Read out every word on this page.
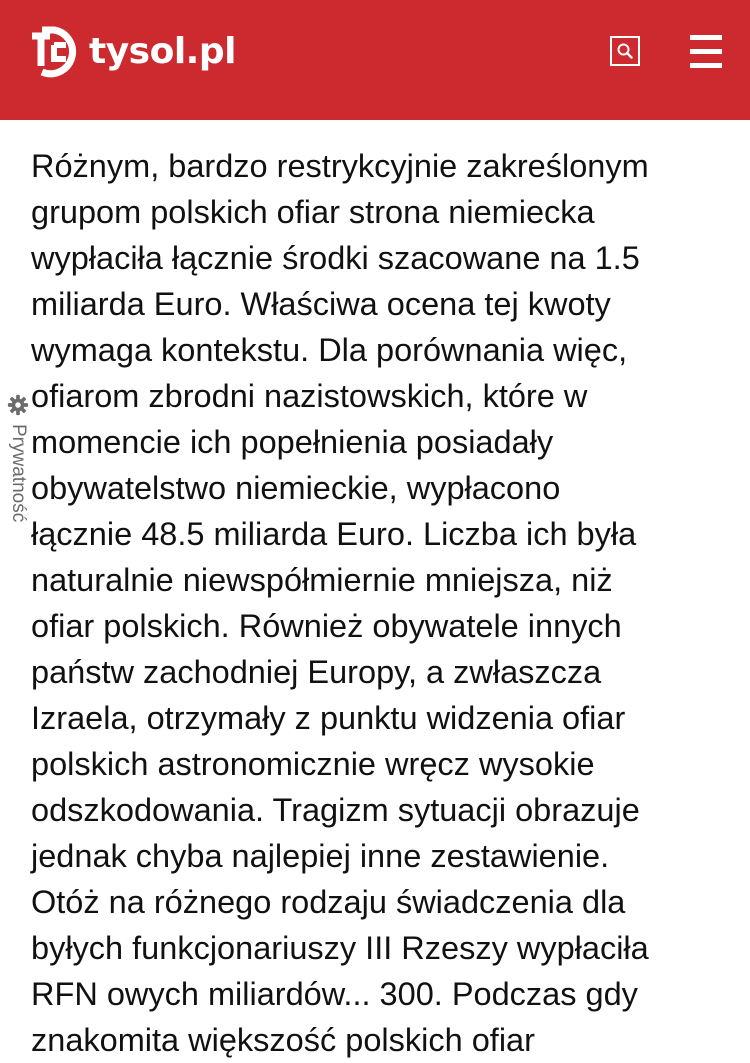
tysol.pl
Różnym, bardzo restrykcyjnie zakreślonym
grupom polskich ofiar strona niemiecka
wypłaciła łącznie środki szacowane na 1.5
miliarda Euro. Właściwa ocena tej kwoty
wymaga kontekstu. Dla porównania więc,
ofiarom zbrodni nazistowskich, które w
momencie ich popełnienia posiadały
obywatelstwo niemieckie, wypłacono
łącznie 48.5 miliarda Euro. Liczba ich była
naturalnie niewspółmiernie mniejsza, niż
ofiar polskich. Również obywatele innych
państw zachodniej Europy, a zwłaszcza
Izraela, otrzymały z punktu widzenia ofiar
polskich astronomicznie wręcz wysokie
odszkodowania. Tragizm sytuacji obrazuje
jednak chyba najlepiej inne zestawienie.
Otóż na różnego rodzaju świadczenia dla
byłych funkcjonariuszy III Rzeszy wypłaciła
RFN owych miliardów... 300. Podczas gdy
znakomita większość polskich ofiar
Prywatność
